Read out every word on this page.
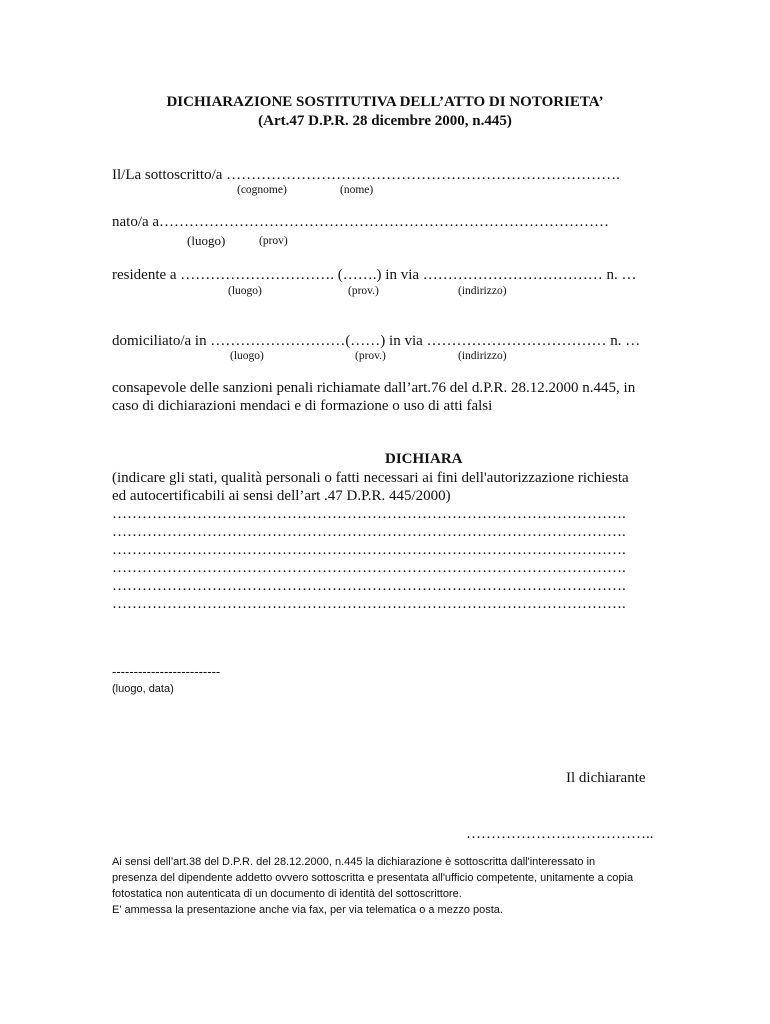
DICHIARAZIONE SOSTITUTIVA DELL’ATTO DI NOTORIETA’
(Art.47 D.P.R. 28 dicembre 2000, n.445)
Il/La sottoscritto/a …………………………………………………………………….
(cognome)	(nome)
nato/a a………………………………………………………………………………
(luogo)	(prov)
residente a …………………………. (…….) in via ……………………………… n. …
(luogo)	(prov.)	(indirizzo)
domiciliato/a in ………………………(……) in via ……………………………… n. …
(luogo)	(prov.)	(indirizzo)
consapevole delle sanzioni penali richiamate dall’art.76 del d.P.R. 28.12.2000 n.445, in
caso di dichiarazioni mendaci e di formazione o uso di atti falsi
DICHIARA
(indicare gli stati, qualità personali o fatti necessari ai fini dell'autorizzazione richiesta
ed autocertificabili ai sensi dell’art .47 D.P.R. 445/2000)
………………………………………………………………………………………….
………………………………………………………………………………………….
………………………………………………………………………………………….
………………………………………………………………………………………….
………………………………………………………………………………………….
………………………………………………………………………………………….
-------------------------
(luogo, data)
Il dichiarante
………………………………..
Ai sensi dell’art.38 del D.P.R. del 28.12.2000, n.445 la dichiarazione è sottoscritta dall'interessato in
presenza del dipendente addetto ovvero sottoscritta e presentata all'ufficio competente, unitamente a copia
fotostatica non autenticata di un documento di identità del sottoscrittore.
E' ammessa la presentazione anche via fax, per via telematica o a mezzo posta.
